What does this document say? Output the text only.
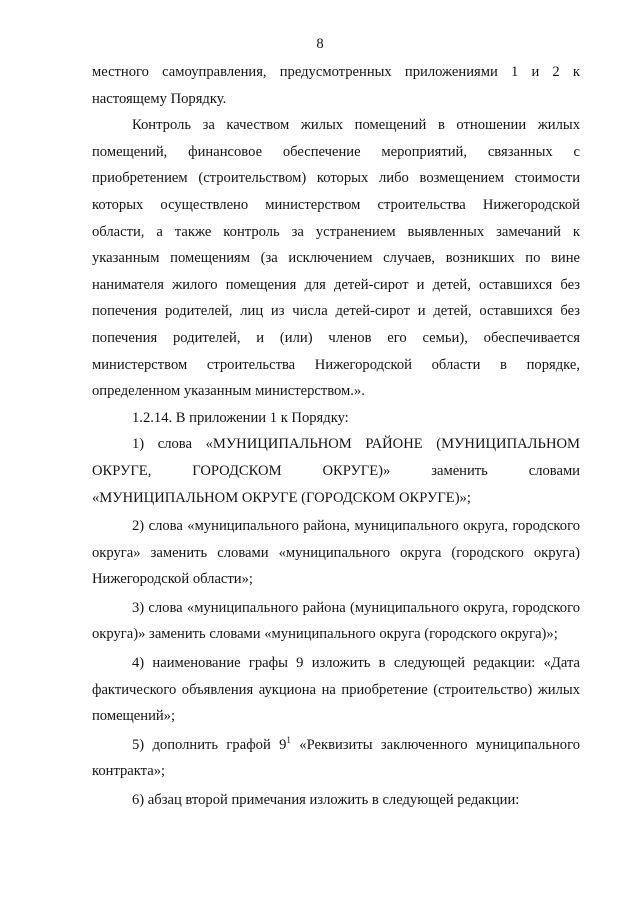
8

местного самоуправления, предусмотренных приложениями 1 и 2 к настоящему Порядку.

Контроль за качеством жилых помещений в отношении жилых помещений, финансовое обеспечение мероприятий, связанных с приобретением (строительством) которых либо возмещением стоимости которых осуществлено министерством строительства Нижегородской области, а также контроль за устранением выявленных замечаний к указанным помещениям (за исключением случаев, возникших по вине нанимателя жилого помещения для детей-сирот и детей, оставшихся без попечения родителей, лиц из числа детей-сирот и детей, оставшихся без попечения родителей, и (или) членов его семьи), обеспечивается министерством строительства Нижегородской области в порядке, определенном указанным министерством.».

1.2.14. В приложении 1 к Порядку:

1) слова «МУНИЦИПАЛЬНОМ РАЙОНЕ (МУНИЦИПАЛЬНОМ ОКРУГЕ, ГОРОДСКОМ ОКРУГЕ)» заменить словами «МУНИЦИПАЛЬНОМ ОКРУГЕ (ГОРОДСКОМ ОКРУГЕ)»;

2) слова «муниципального района, муниципального округа, городского округа» заменить словами «муниципального округа (городского округа) Нижегородской области»;

3) слова «муниципального района (муниципального округа, городского округа)» заменить словами «муниципального округа (городского округа)»;

4) наименование графы 9 изложить в следующей редакции: «Дата фактического объявления аукциона на приобретение (строительство) жилых помещений»;

5) дополнить графой $9^1$ «Реквизиты заключенного муниципального контракта»;

6) абзац второй примечания изложить в следующей редакции:
